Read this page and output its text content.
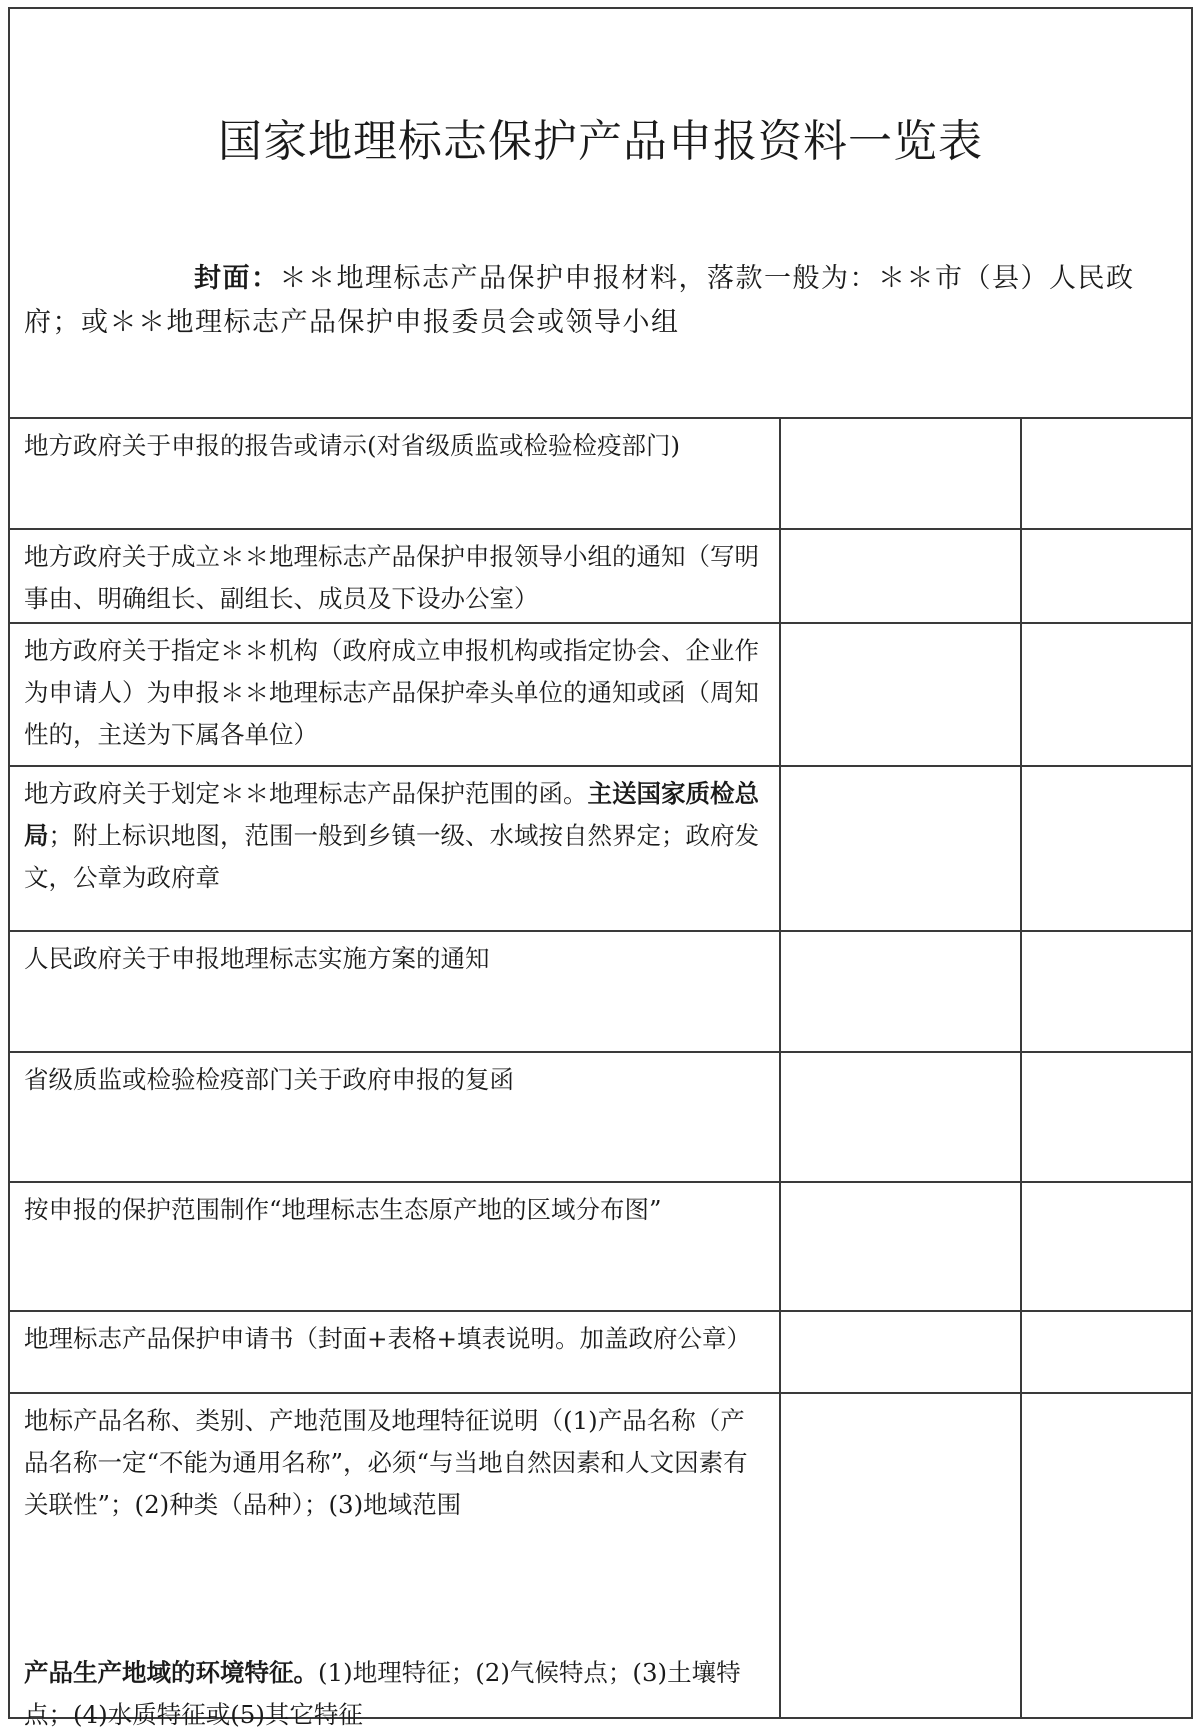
国家地理标志保护产品申报资料一览表
封面：＊＊地理标志产品保护申报材料，落款一般为：＊＊市（县）人民政府；或＊＊地理标志产品保护申报委员会或领导小组
地方政府关于申报的报告或请示(对省级质监或检验检疫部门)
地方政府关于成立＊＊地理标志产品保护申报领导小组的通知（写明事由、明确组长、副组长、成员及下设办公室）
地方政府关于指定＊＊机构（政府成立申报机构或指定协会、企业作为申请人）为申报＊＊地理标志产品保护牵头单位的通知或函（周知性的，主送为下属各单位）
地方政府关于划定＊＊地理标志产品保护范围的函。主送国家质检总局；附上标识地图，范围一般到乡镇一级、水域按自然界定；政府发文，公章为政府章
人民政府关于申报地理标志实施方案的通知
省级质监或检验检疫部门关于政府申报的复函
按申报的保护范围制作“地理标志生态原产地的区域分布图”
地理标志产品保护申请书（封面+表格+填表说明。加盖政府公章）
地标产品名称、类别、产地范围及地理特征说明（(1)产品名称（产品名称一定“不能为通用名称”，必须“与当地自然因素和人文因素有关联性”；(2)种类（品种）；(3)地域范围
产品生产地域的环境特征。(1)地理特征；(2)气候特点；(3)土壤特点；(4)水质特征或(5)其它特征
